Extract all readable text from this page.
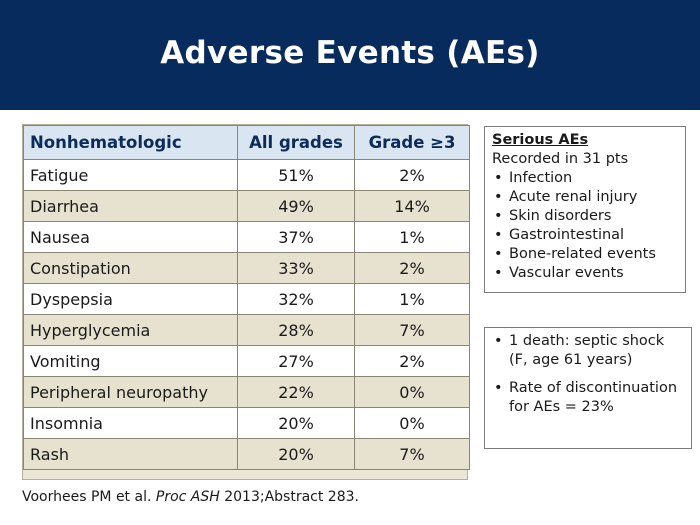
Adverse Events (AEs)
Nonhematologic	All grades	Grade ≥3
Fatigue	51%	2%
Diarrhea	49%	14%
Nausea	37%	1%
Constipation	33%	2%
Dyspepsia	32%	1%
Hyperglycemia	28%	7%
Vomiting	27%	2%
Peripheral neuropathy	22%	0%
Insomnia	20%	0%
Rash	20%	7%
Serious AEs
Recorded in 31 pts
• Infection
• Acute renal injury
• Skin disorders
• Gastrointestinal
• Bone-related events
• Vascular events
• 1 death: septic shock (F, age 61 years)
• Rate of discontinuation for AEs = 23%
Voorhees PM et al. Proc ASH 2013;Abstract 283.
